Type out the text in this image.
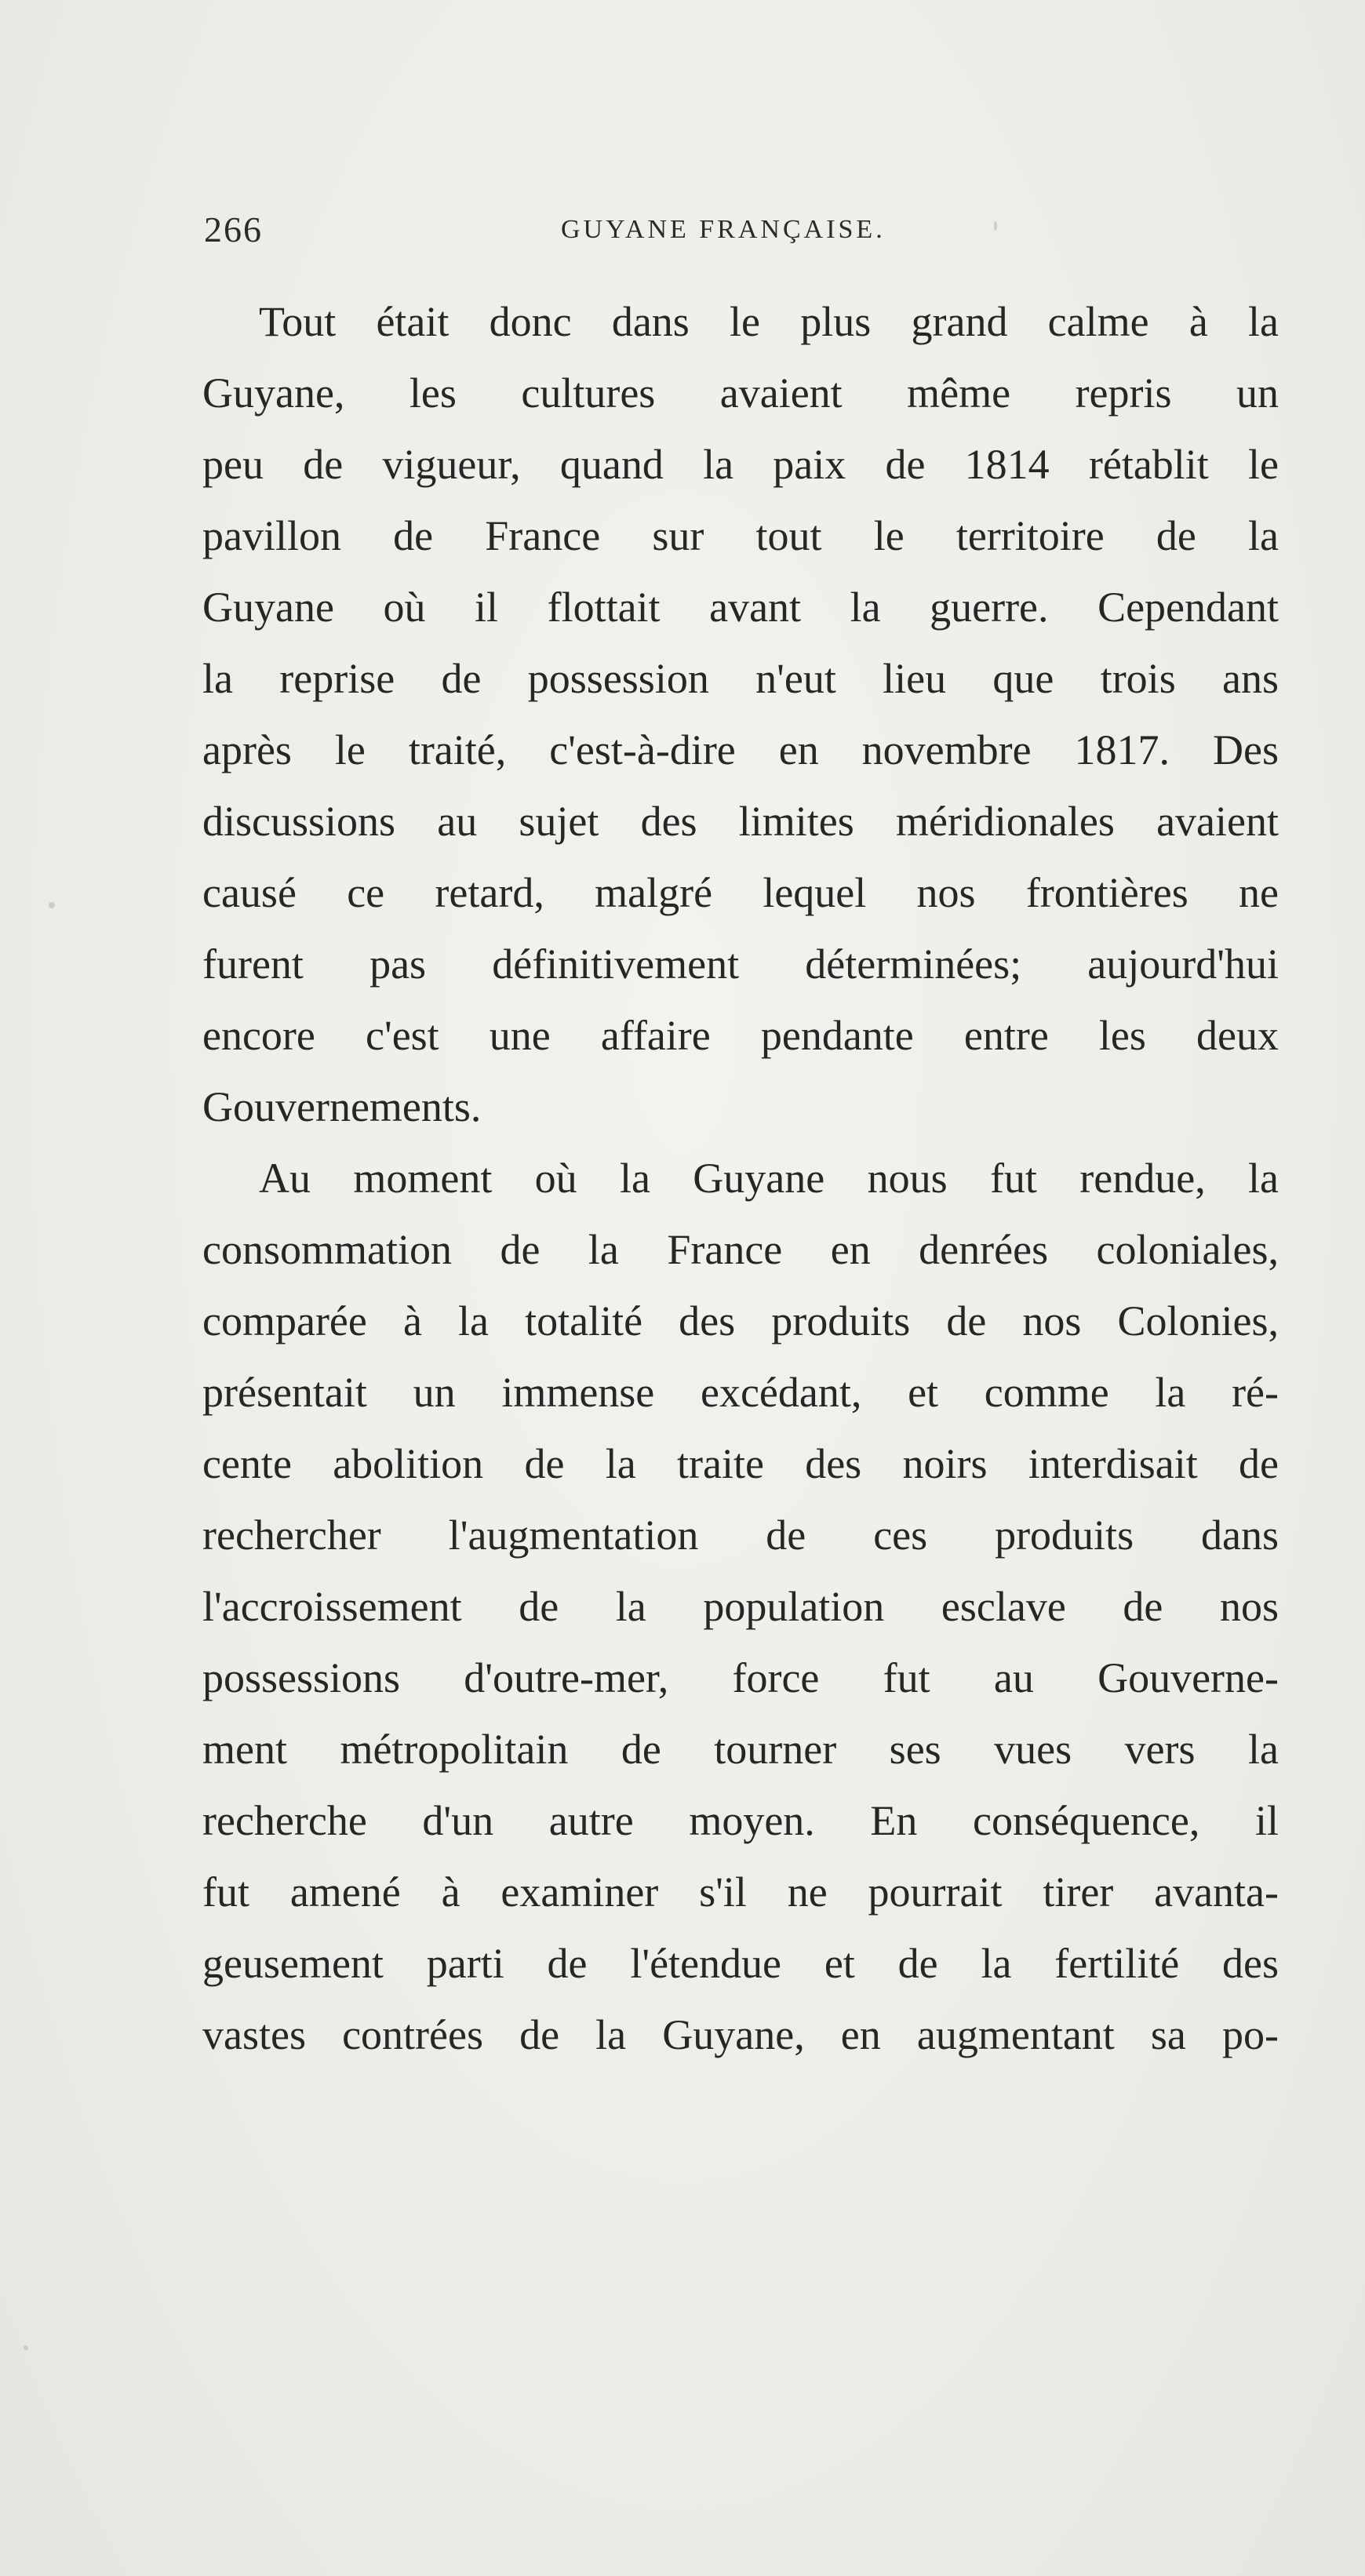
266	GUYANE FRANÇAISE.
Tout était donc dans le plus grand calme à la
Guyane, les cultures avaient même repris un
peu de vigueur, quand la paix de 1814 rétablit le
pavillon de France sur tout le territoire de la
Guyane où il flottait avant la guerre. Cependant
la reprise de possession n'eut lieu que trois ans
après le traité, c'est-à-dire en novembre 1817. Des
discussions au sujet des limites méridionales avaient
causé ce retard, malgré lequel nos frontières ne
furent pas définitivement déterminées; aujourd'hui
encore c'est une affaire pendante entre les deux
Gouvernements.
Au moment où la Guyane nous fut rendue, la
consommation de la France en denrées coloniales,
comparée à la totalité des produits de nos Colonies,
présentait un immense excédant, et comme la ré-
cente abolition de la traite des noirs interdisait de
rechercher l'augmentation de ces produits dans
l'accroissement de la population esclave de nos
possessions d'outre-mer, force fut au Gouverne-
ment métropolitain de tourner ses vues vers la
recherche d'un autre moyen. En conséquence, il
fut amené à examiner s'il ne pourrait tirer avanta-
geusement parti de l'étendue et de la fertilité des
vastes contrées de la Guyane, en augmentant sa po-
